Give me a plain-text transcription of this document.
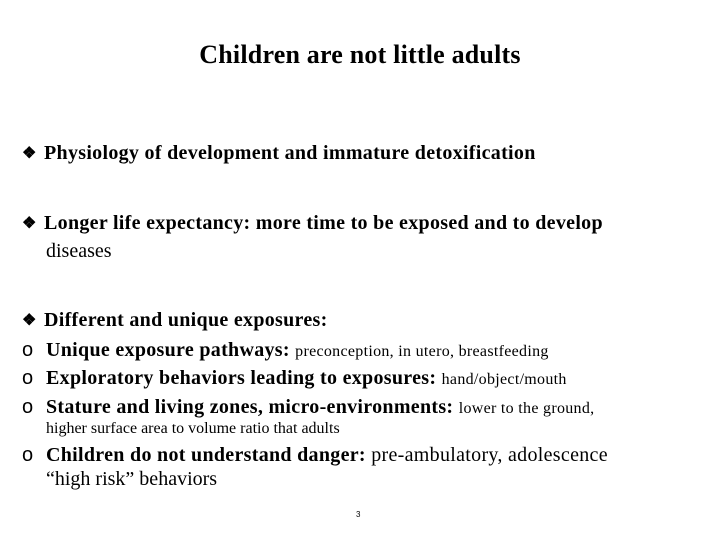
Children are not little adults
❖ Physiology of development and immature detoxification
❖ Longer life expectancy: more time to be exposed and to develop
diseases
❖ Different and unique exposures:
o Unique exposure pathways: preconception, in utero, breastfeeding
o Exploratory behaviors leading to exposures: hand/object/mouth
o Stature and living zones, micro-environments: lower to the ground,
higher surface area to volume ratio that adults
o Children do not understand danger: pre-ambulatory, adolescence
“high risk” behaviors
3
